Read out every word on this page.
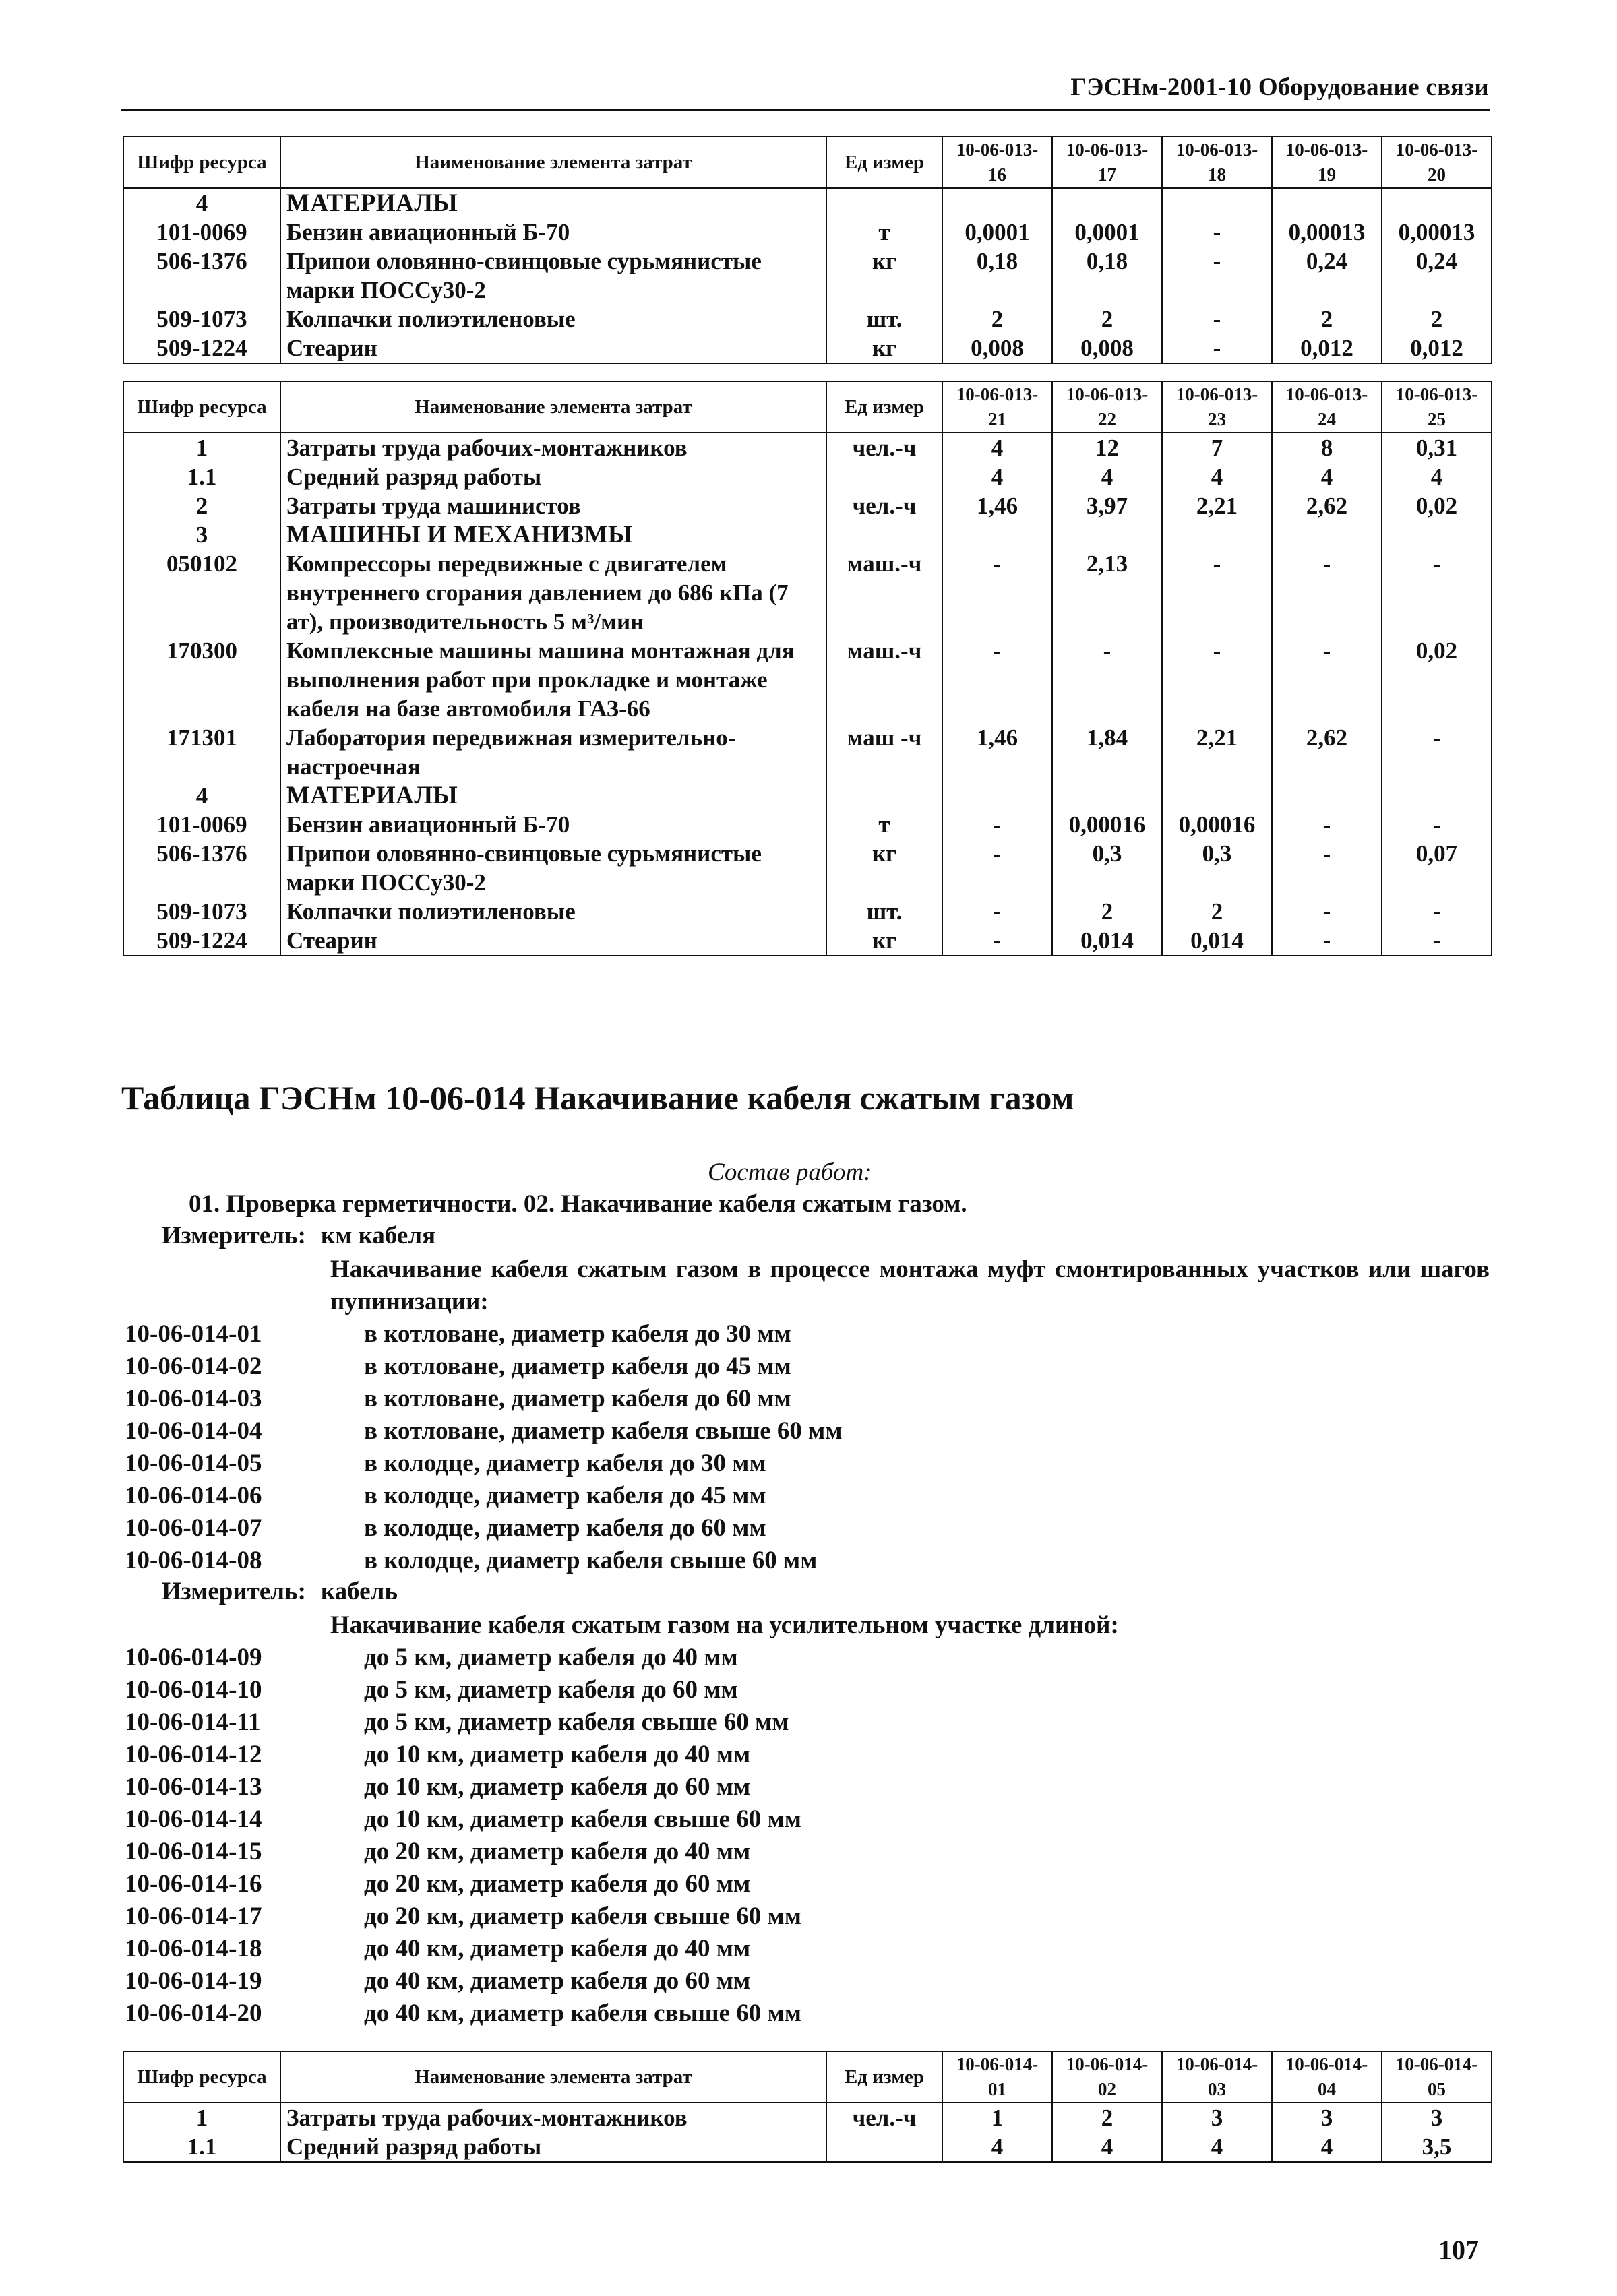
ГЭСНм-2001-10 Оборудование связи
Шифр ресурса	Наименование элемента затрат	Ед измер	10-06-013-16	10-06-013-17	10-06-013-18	10-06-013-19	10-06-013-20
4	МАТЕРИАЛЫ						
101-0069	Бензин авиационный Б-70	т	0,0001	0,0001	-	0,00013	0,00013
506-1376	Припои оловянно-свинцовые сурьмянистые марки ПОССу30-2	кг	0,18	0,18	-	0,24	0,24
509-1073	Колпачки полиэтиленовые	шт.	2	2	-	2	2
509-1224	Стеарин	кг	0,008	0,008	-	0,012	0,012
Шифр ресурса	Наименование элемента затрат	Ед измер	10-06-013-21	10-06-013-22	10-06-013-23	10-06-013-24	10-06-013-25
1	Затраты труда рабочих-монтажников	чел.-ч	4	12	7	8	0,31
1.1	Средний разряд работы		4	4	4	4	4
2	Затраты труда машинистов	чел.-ч	1,46	3,97	2,21	2,62	0,02
3	МАШИНЫ И МЕХАНИЗМЫ						
050102	Компрессоры передвижные с двигателем внутреннего сгорания давлением до 686 кПа (7 ат), производительность 5 м³/мин	маш.-ч	-	2,13	-	-	-
170300	Комплексные машины машина монтажная для выполнения работ при прокладке и монтаже кабеля на базе автомобиля ГАЗ-66	маш.-ч	-	-	-	-	0,02
171301	Лаборатория передвижная измерительно-настроечная	маш -ч	1,46	1,84	2,21	2,62	-
4	МАТЕРИАЛЫ						
101-0069	Бензин авиационный Б-70	т	-	0,00016	0,00016	-	-
506-1376	Припои оловянно-свинцовые сурьмянистые марки ПОССу30-2	кг	-	0,3	0,3	-	0,07
509-1073	Колпачки полиэтиленовые	шт.	-	2	2	-	-
509-1224	Стеарин	кг	-	0,014	0,014	-	-
Таблица ГЭСНм 10-06-014 Накачивание кабеля сжатым газом
Состав работ:
01. Проверка герметичности. 02. Накачивание кабеля сжатым газом.
Измеритель: км кабеля
Накачивание кабеля сжатым газом в процессе монтажа муфт смонтированных участков или шагов пупинизации:
10-06-014-01	в котловане, диаметр кабеля до 30 мм
10-06-014-02	в котловане, диаметр кабеля до 45 мм
10-06-014-03	в котловане, диаметр кабеля до 60 мм
10-06-014-04	в котловане, диаметр кабеля свыше 60 мм
10-06-014-05	в колодце, диаметр кабеля до 30 мм
10-06-014-06	в колодце, диаметр кабеля до 45 мм
10-06-014-07	в колодце, диаметр кабеля до 60 мм
10-06-014-08	в колодце, диаметр кабеля свыше 60 мм
Измеритель: кабель
Накачивание кабеля сжатым газом на усилительном участке длиной:
10-06-014-09	до 5 км, диаметр кабеля до 40 мм
10-06-014-10	до 5 км, диаметр кабеля до 60 мм
10-06-014-11	до 5 км, диаметр кабеля свыше 60 мм
10-06-014-12	до 10 км, диаметр кабеля до 40 мм
10-06-014-13	до 10 км, диаметр кабеля до 60 мм
10-06-014-14	до 10 км, диаметр кабеля свыше 60 мм
10-06-014-15	до 20 км, диаметр кабеля до 40 мм
10-06-014-16	до 20 км, диаметр кабеля до 60 мм
10-06-014-17	до 20 км, диаметр кабеля свыше 60 мм
10-06-014-18	до 40 км, диаметр кабеля до 40 мм
10-06-014-19	до 40 км, диаметр кабеля до 60 мм
10-06-014-20	до 40 км, диаметр кабеля свыше 60 мм
Шифр ресурса	Наименование элемента затрат	Ед измер	10-06-014-01	10-06-014-02	10-06-014-03	10-06-014-04	10-06-014-05
1	Затраты труда рабочих-монтажников	чел.-ч	1	2	3	3	3
1.1	Средний разряд работы		4	4	4	4	3,5
107
